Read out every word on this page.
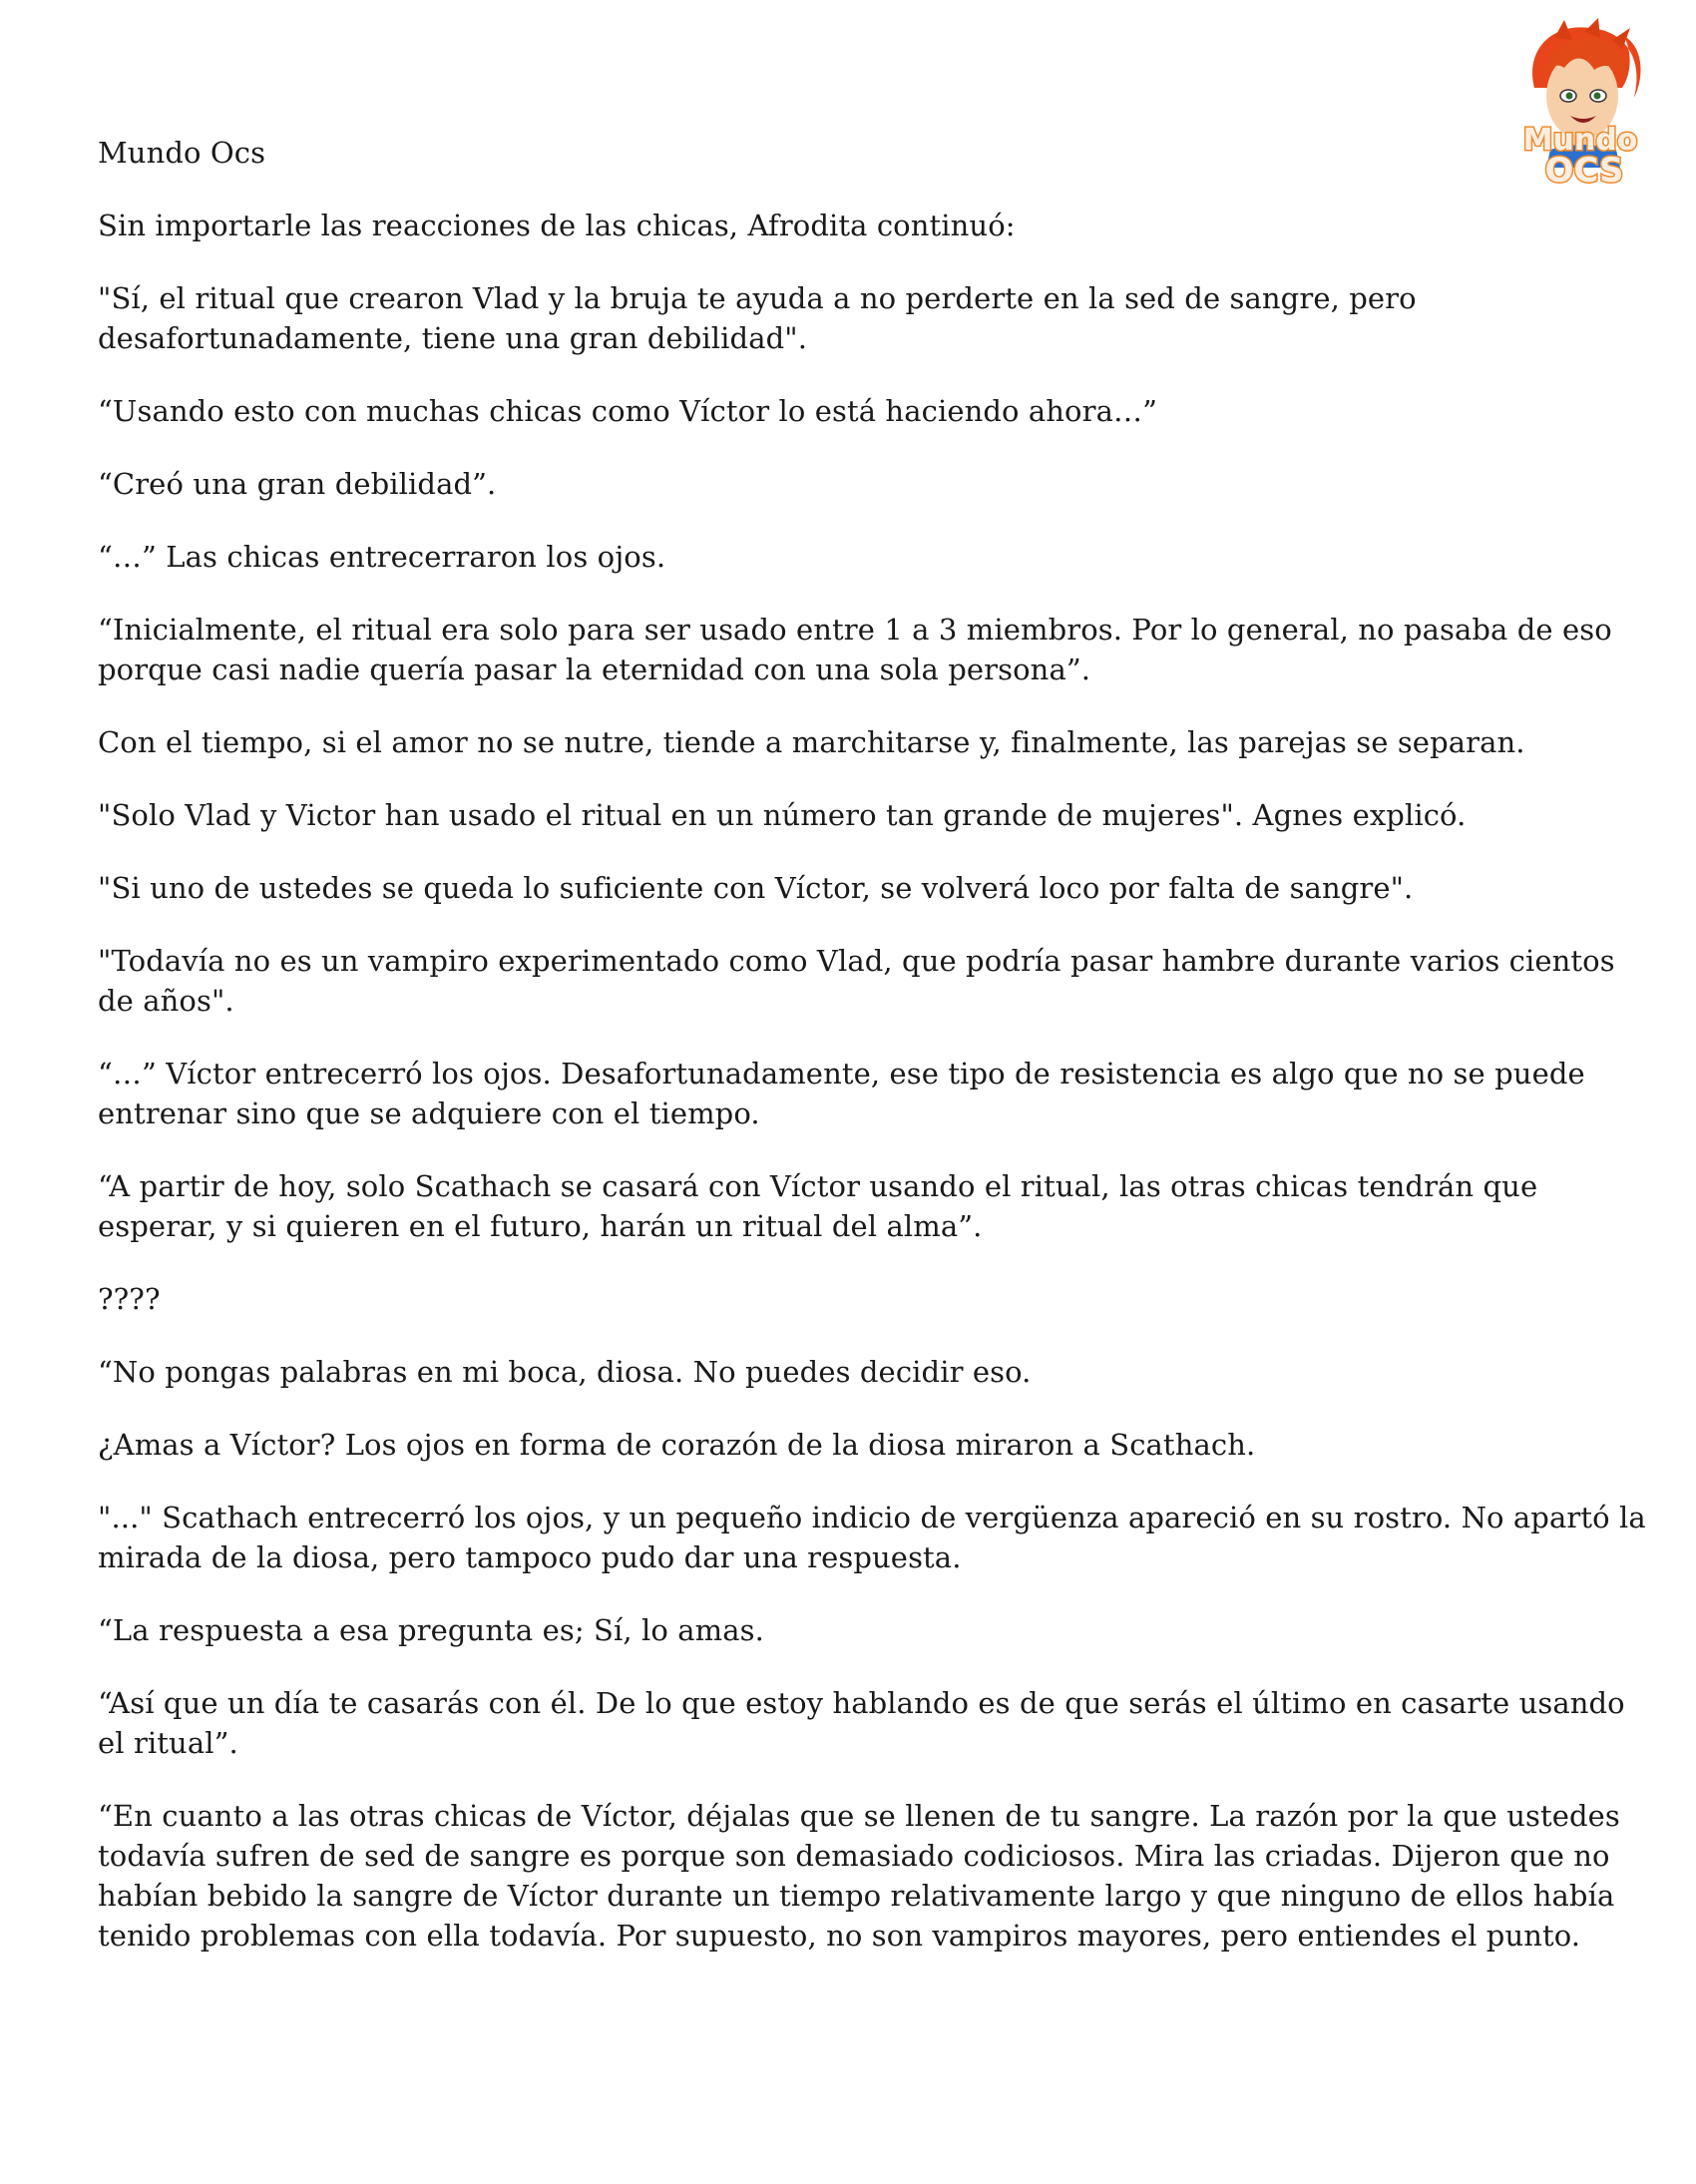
Mundo
OCS

Mundo Ocs

Sin importarle las reacciones de las chicas, Afrodita continuó:

"Sí, el ritual que crearon Vlad y la bruja te ayuda a no perderte en la sed de sangre, pero desafortunadamente, tiene una gran debilidad".

“Usando esto con muchas chicas como Víctor lo está haciendo ahora…”

“Creó una gran debilidad”.

“…” Las chicas entrecerraron los ojos.

“Inicialmente, el ritual era solo para ser usado entre 1 a 3 miembros. Por lo general, no pasaba de eso porque casi nadie quería pasar la eternidad con una sola persona”.

Con el tiempo, si el amor no se nutre, tiende a marchitarse y, finalmente, las parejas se separan.

"Solo Vlad y Victor han usado el ritual en un número tan grande de mujeres". Agnes explicó.

"Si uno de ustedes se queda lo suficiente con Víctor, se volverá loco por falta de sangre".

"Todavía no es un vampiro experimentado como Vlad, que podría pasar hambre durante varios cientos de años".

“…” Víctor entrecerró los ojos. Desafortunadamente, ese tipo de resistencia es algo que no se puede entrenar sino que se adquiere con el tiempo.

“A partir de hoy, solo Scathach se casará con Víctor usando el ritual, las otras chicas tendrán que esperar, y si quieren en el futuro, harán un ritual del alma”.

????

“No pongas palabras en mi boca, diosa. No puedes decidir eso.

¿Amas a Víctor? Los ojos en forma de corazón de la diosa miraron a Scathach.

"..." Scathach entrecerró los ojos, y un pequeño indicio de vergüenza apareció en su rostro. No apartó la mirada de la diosa, pero tampoco pudo dar una respuesta.

“La respuesta a esa pregunta es; Sí, lo amas.

“Así que un día te casarás con él. De lo que estoy hablando es de que serás el último en casarte usando el ritual”.

“En cuanto a las otras chicas de Víctor, déjalas que se llenen de tu sangre. La razón por la que ustedes todavía sufren de sed de sangre es porque son demasiado codiciosos. Mira las criadas. Dijeron que no habían bebido la sangre de Víctor durante un tiempo relativamente largo y que ninguno de ellos había tenido problemas con ella todavía. Por supuesto, no son vampiros mayores, pero entiendes el punto.
